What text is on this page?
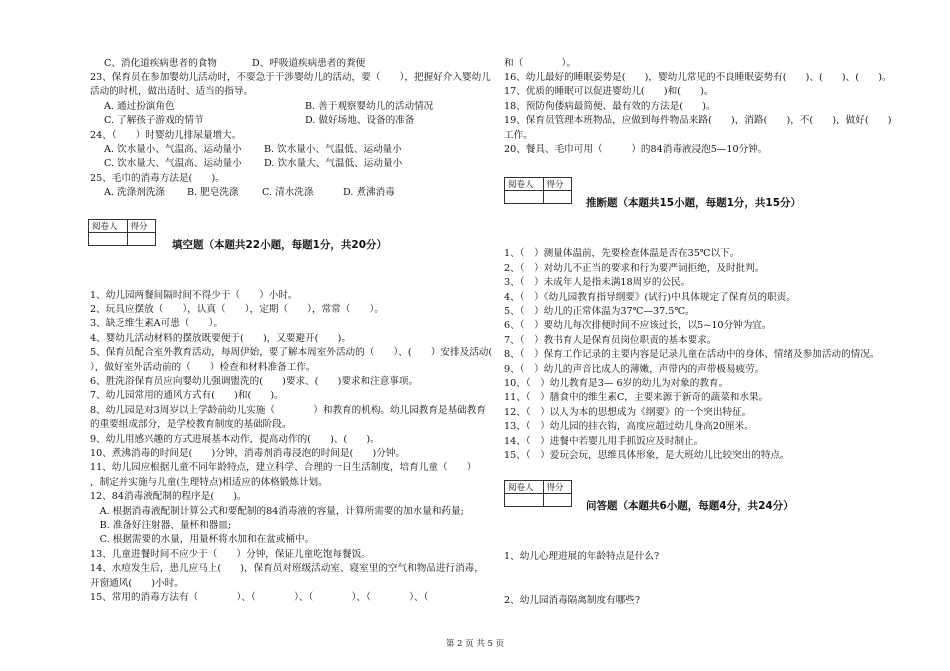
C、消化道疾病患者的食物	D、呼吸道疾病患者的粪便
23、保育员在参加婴幼儿活动时，不要急于干涉婴幼儿的活动，要（　　），把握好介入婴幼儿
活动的时机，做出适时、适当的指导。
A. 通过扮演角色	B. 善于观察婴幼儿的活动情况
C. 了解孩子游戏的情节	D. 做好场地、设备的准备
24、（　　）时婴幼儿排尿量增大。
A. 饮水量小、气温高、运动量小 B. 饮水量小、气温低、运动量小
C. 饮水量大、气温高、运动量小 D. 饮水量大、气温低、运动量小
25、毛巾的消毒方法是(　　)。
A. 洗涤剂洗涤 B. 肥皂洗涤 C. 清水洗涤	D. 煮沸消毒
阅卷人	得分

填空题（本题共22小题，每题1分，共20分）
1、幼儿园两餐间隔时间不得少于（　　）小时。
2、玩具应摆放（　　），认真（　　），定期（　　），常常（　　）。
3、缺乏维生素A可患（　　）。
4、婴幼儿活动材料的摆放既要便于(　　)，又要避开(　　)。
5、保育员配合室外教育活动，每周伊始，要了解本周室外活动的（　　）、(　　）安排及活动(
），做好室外活动前的（　　）检查和材料准备工作。
6、胜洗浴保育员应向婴幼儿强调盥洗的(　　)要求、(　　)要求和注意事项。
7、幼儿园常用的通风方式有(　　)和(　　)。
8、幼儿园是对3周岁以上学龄前幼儿实施（　　　　）和教育的机构。幼儿园教育是基础教育
的重要组成部分，是学校教育制度的基础阶段。
9、幼儿用感兴趣的方式进展基本动作，提高动作的(　　)、(　　)。
10、煮沸消毒的时间是(　　)分钟，消毒剂消毒浸泡的时间是(　　)分钟。
11、幼儿园应根据儿童不同年龄特点，建立科学、合理的一日生活制度，培育儿童（　　）
，制定并实施与儿童(生理特点)相适应的体格锻炼计划。
12、84消毒液配制的程序是(　　)。
　A. 根据消毒液配制计算公式和要配制的84消毒液的容量，计算所需要的加水量和药量;
　B. 准备好注射器、量杯和器皿;
　C. 根据需要的水量，用量杯将水加和在盆或桶中。
13、儿童进餐时间不应少于（　　）分钟，保证儿童吃饱每餐饭。
14、水痘发生后，患儿应马上(　　)，保育员对班级活动室、寝室里的空气和物品进行消毒，
开窗通风(　　)小时。
15、常用的消毒方法有（　　　　）、（　　　　）、（　　　　）、（　　　　）、（
和（　　　　）。
16、幼儿最好的睡眠姿势是(　　)，婴幼儿常见的不良睡眠姿势有(　　)、(　　)、(　　)。
17、优质的睡眠可以促进婴幼儿(　　)和(　　)。
18、预防佝偻病最简便、最有效的方法是(　　)。
19、保育员管理本班物品，应做到每件物品来路(　　)，消路(　　)，不(　　)，做好(　　)
工作。
20、餐具、毛巾可用（　　　）的84消毒液浸泡5—10分钟。
阅卷人	得分

推断题（本题共15小题，每题1分，共15分）
1、（　）测量体温前，先要检查体温是否在35℃以下。
2、（　）对幼儿不正当的要求和行为要严词拒绝，及时批判。
3、（　）未成年人是指未满18周岁的公民。
4、（　）《幼儿园教育指导纲要》(试行)中具体规定了保育员的职责。
5、（　）幼儿的正常体温为37℃—37.5℃。
6、（　）要幼儿每次排便时间不应该过长，以5~10分钟为宜。
7、（　）教书育人是保育员岗位职责的基本要求。
8、（　）保育工作记录的主要内容是记录儿童在活动中的身体、情绪及参加活动的情况。
9、（　）幼儿的声音比成人的薄嫩，声带内的声带极易疲劳。
10、（　）幼儿教育是3— 6岁的幼儿为对象的教育。
11、（　）膳食中的维生素C，主要来源于新奇的蔬菜和水果。
12、（　）以人为本的思想成为《纲要》的一个突出特征。
13、（　）幼儿园的挂衣钩，高度应超过幼儿身高20厘米。
14、（　）进餐中若婴儿用手抓饭应及时制止。
15、（　）爱玩会玩，思维具体形象，是大班幼儿比较突出的特点。
阅卷人	得分

问答题（本题共6小题，每题4分，共24分）
1、幼儿心理进展的年龄特点是什么?
2、幼儿园消毒隔离制度有哪些?
第 2 页 共 5 页
